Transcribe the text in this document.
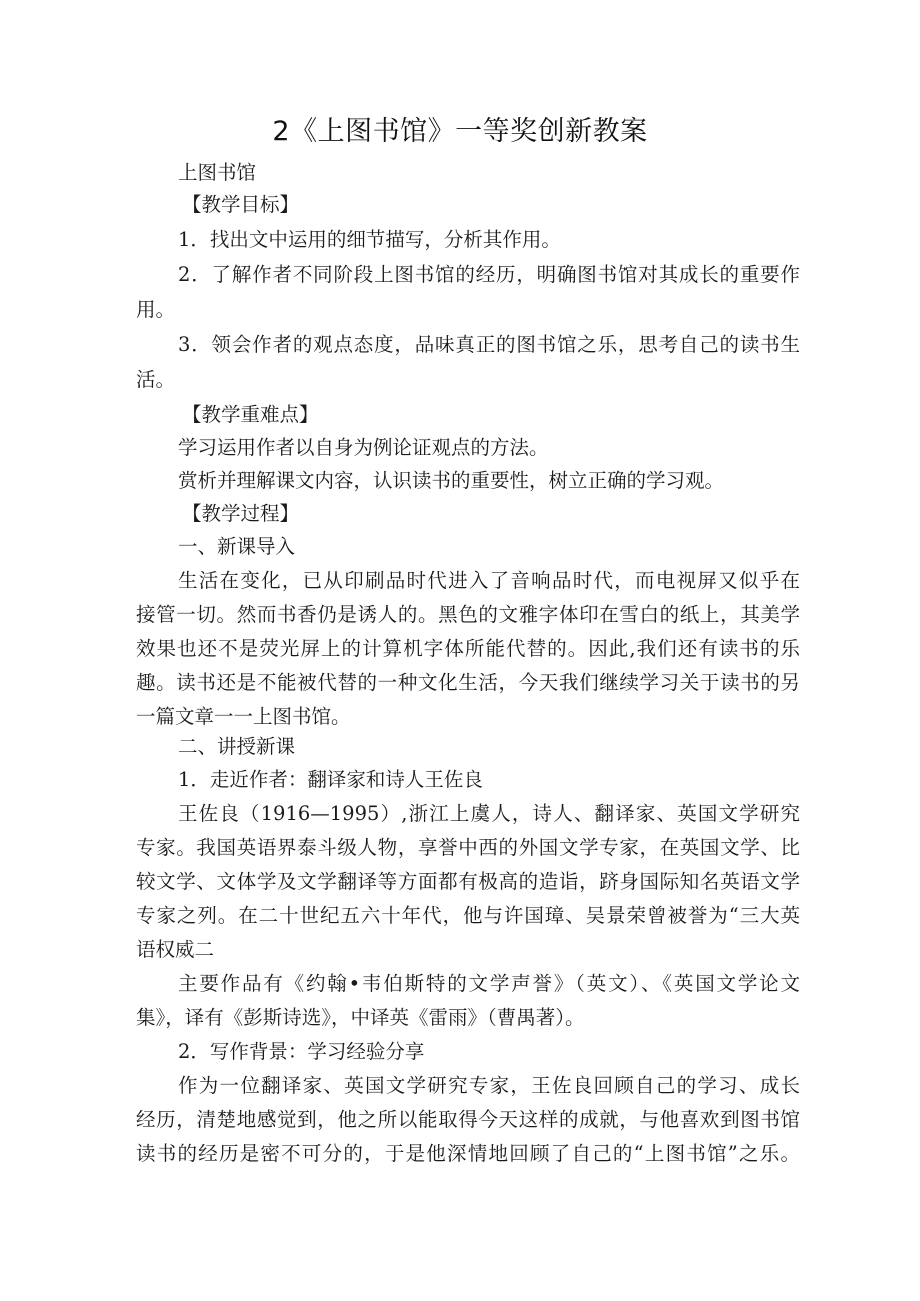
2《上图书馆》一等奖创新教案
上图书馆
【教学目标】
1．找出文中运用的细节描写，分析其作用。
2．了解作者不同阶段上图书馆的经历，明确图书馆对其成长的重要作
用。
3．领会作者的观点态度，品味真正的图书馆之乐，思考自己的读书生
活。
【教学重难点】
学习运用作者以自身为例论证观点的方法。
赏析并理解课文内容，认识读书的重要性，树立正确的学习观。
【教学过程】
一、新课导入
生活在变化，已从印刷品时代进入了音响品时代，而电视屏又似乎在
接管一切。然而书香仍是诱人的。黑色的文雅字体印在雪白的纸上，其美学
效果也还不是荧光屏上的计算机字体所能代替的。因此,我们还有读书的乐
趣。读书还是不能被代替的一种文化生活，今天我们继续学习关于读书的另
一篇文章一一上图书馆。
二、讲授新课
1．走近作者：翻译家和诗人王佐良
王佐良（1916—1995）,浙江上虞人，诗人、翻译家、英国文学研究
专家。我国英语界泰斗级人物，享誉中西的外国文学专家，在英国文学、比
较文学、文体学及文学翻译等方面都有极高的造诣，跻身国际知名英语文学
专家之列。在二十世纪五六十年代，他与许国璋、吴景荣曾被誉为“三大英
语权威二
主要作品有《约翰•韦伯斯特的文学声誉》（英文）、《英国文学论文
集》，译有《彭斯诗选》，中译英《雷雨》（曹禺著）。
2．写作背景：学习经验分享
作为一位翻译家、英国文学研究专家，王佐良回顾自己的学习、成长
经历，清楚地感觉到，他之所以能取得今天这样的成就，与他喜欢到图书馆
读书的经历是密不可分的，于是他深情地回顾了自己的“上图书馆”之乐。
